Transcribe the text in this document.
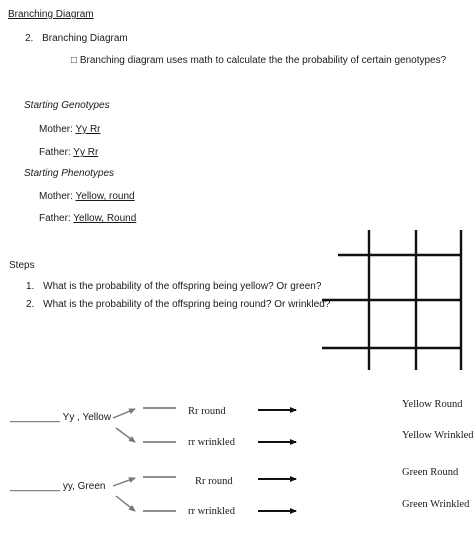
Branching Diagram
2. Branching Diagram
□ Branching diagram uses math to calculate the the probability of certain genotypes?
Starting Genotypes
Mother: Yy Rr
Father: Yy Rr
Starting Phenotypes
Mother: Yellow, round
Father: Yellow, Round
Steps
1. What is the probability of the offspring being yellow? Or green?
2. What is the probability of the offspring being round? Or wrinkled?
_________ Yy , Yellow
_________ yy, Green
Rr round
rr wrinkled
Rr round
rr wrinkled
Yellow Round
Yellow Wrinkled
Green Round
Green Wrinkled
